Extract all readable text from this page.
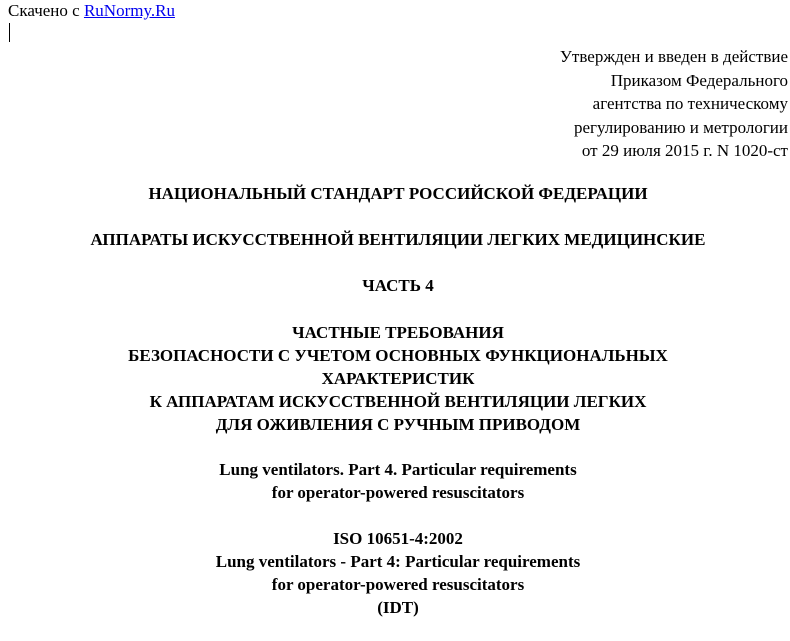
Скачено с RuNormy.Ru
Утвержден и введен в действие
Приказом Федерального
агентства по техническому
регулированию и метрологии
от 29 июля 2015 г. N 1020-ст
НАЦИОНАЛЬНЫЙ СТАНДАРТ РОССИЙСКОЙ ФЕДЕРАЦИИ
АППАРАТЫ ИСКУССТВЕННОЙ ВЕНТИЛЯЦИИ ЛЕГКИХ МЕДИЦИНСКИЕ
ЧАСТЬ 4
ЧАСТНЫЕ ТРЕБОВАНИЯ
БЕЗОПАСНОСТИ С УЧЕТОМ ОСНОВНЫХ ФУНКЦИОНАЛЬНЫХ
ХАРАКТЕРИСТИК
К АППАРАТАМ ИСКУССТВЕННОЙ ВЕНТИЛЯЦИИ ЛЕГКИХ
ДЛЯ ОЖИВЛЕНИЯ С РУЧНЫМ ПРИВОДОМ
Lung ventilators. Part 4. Particular requirements
for operator-powered resuscitators
ISO 10651-4:2002
Lung ventilators - Part 4: Particular requirements
for operator-powered resuscitators
(IDT)
